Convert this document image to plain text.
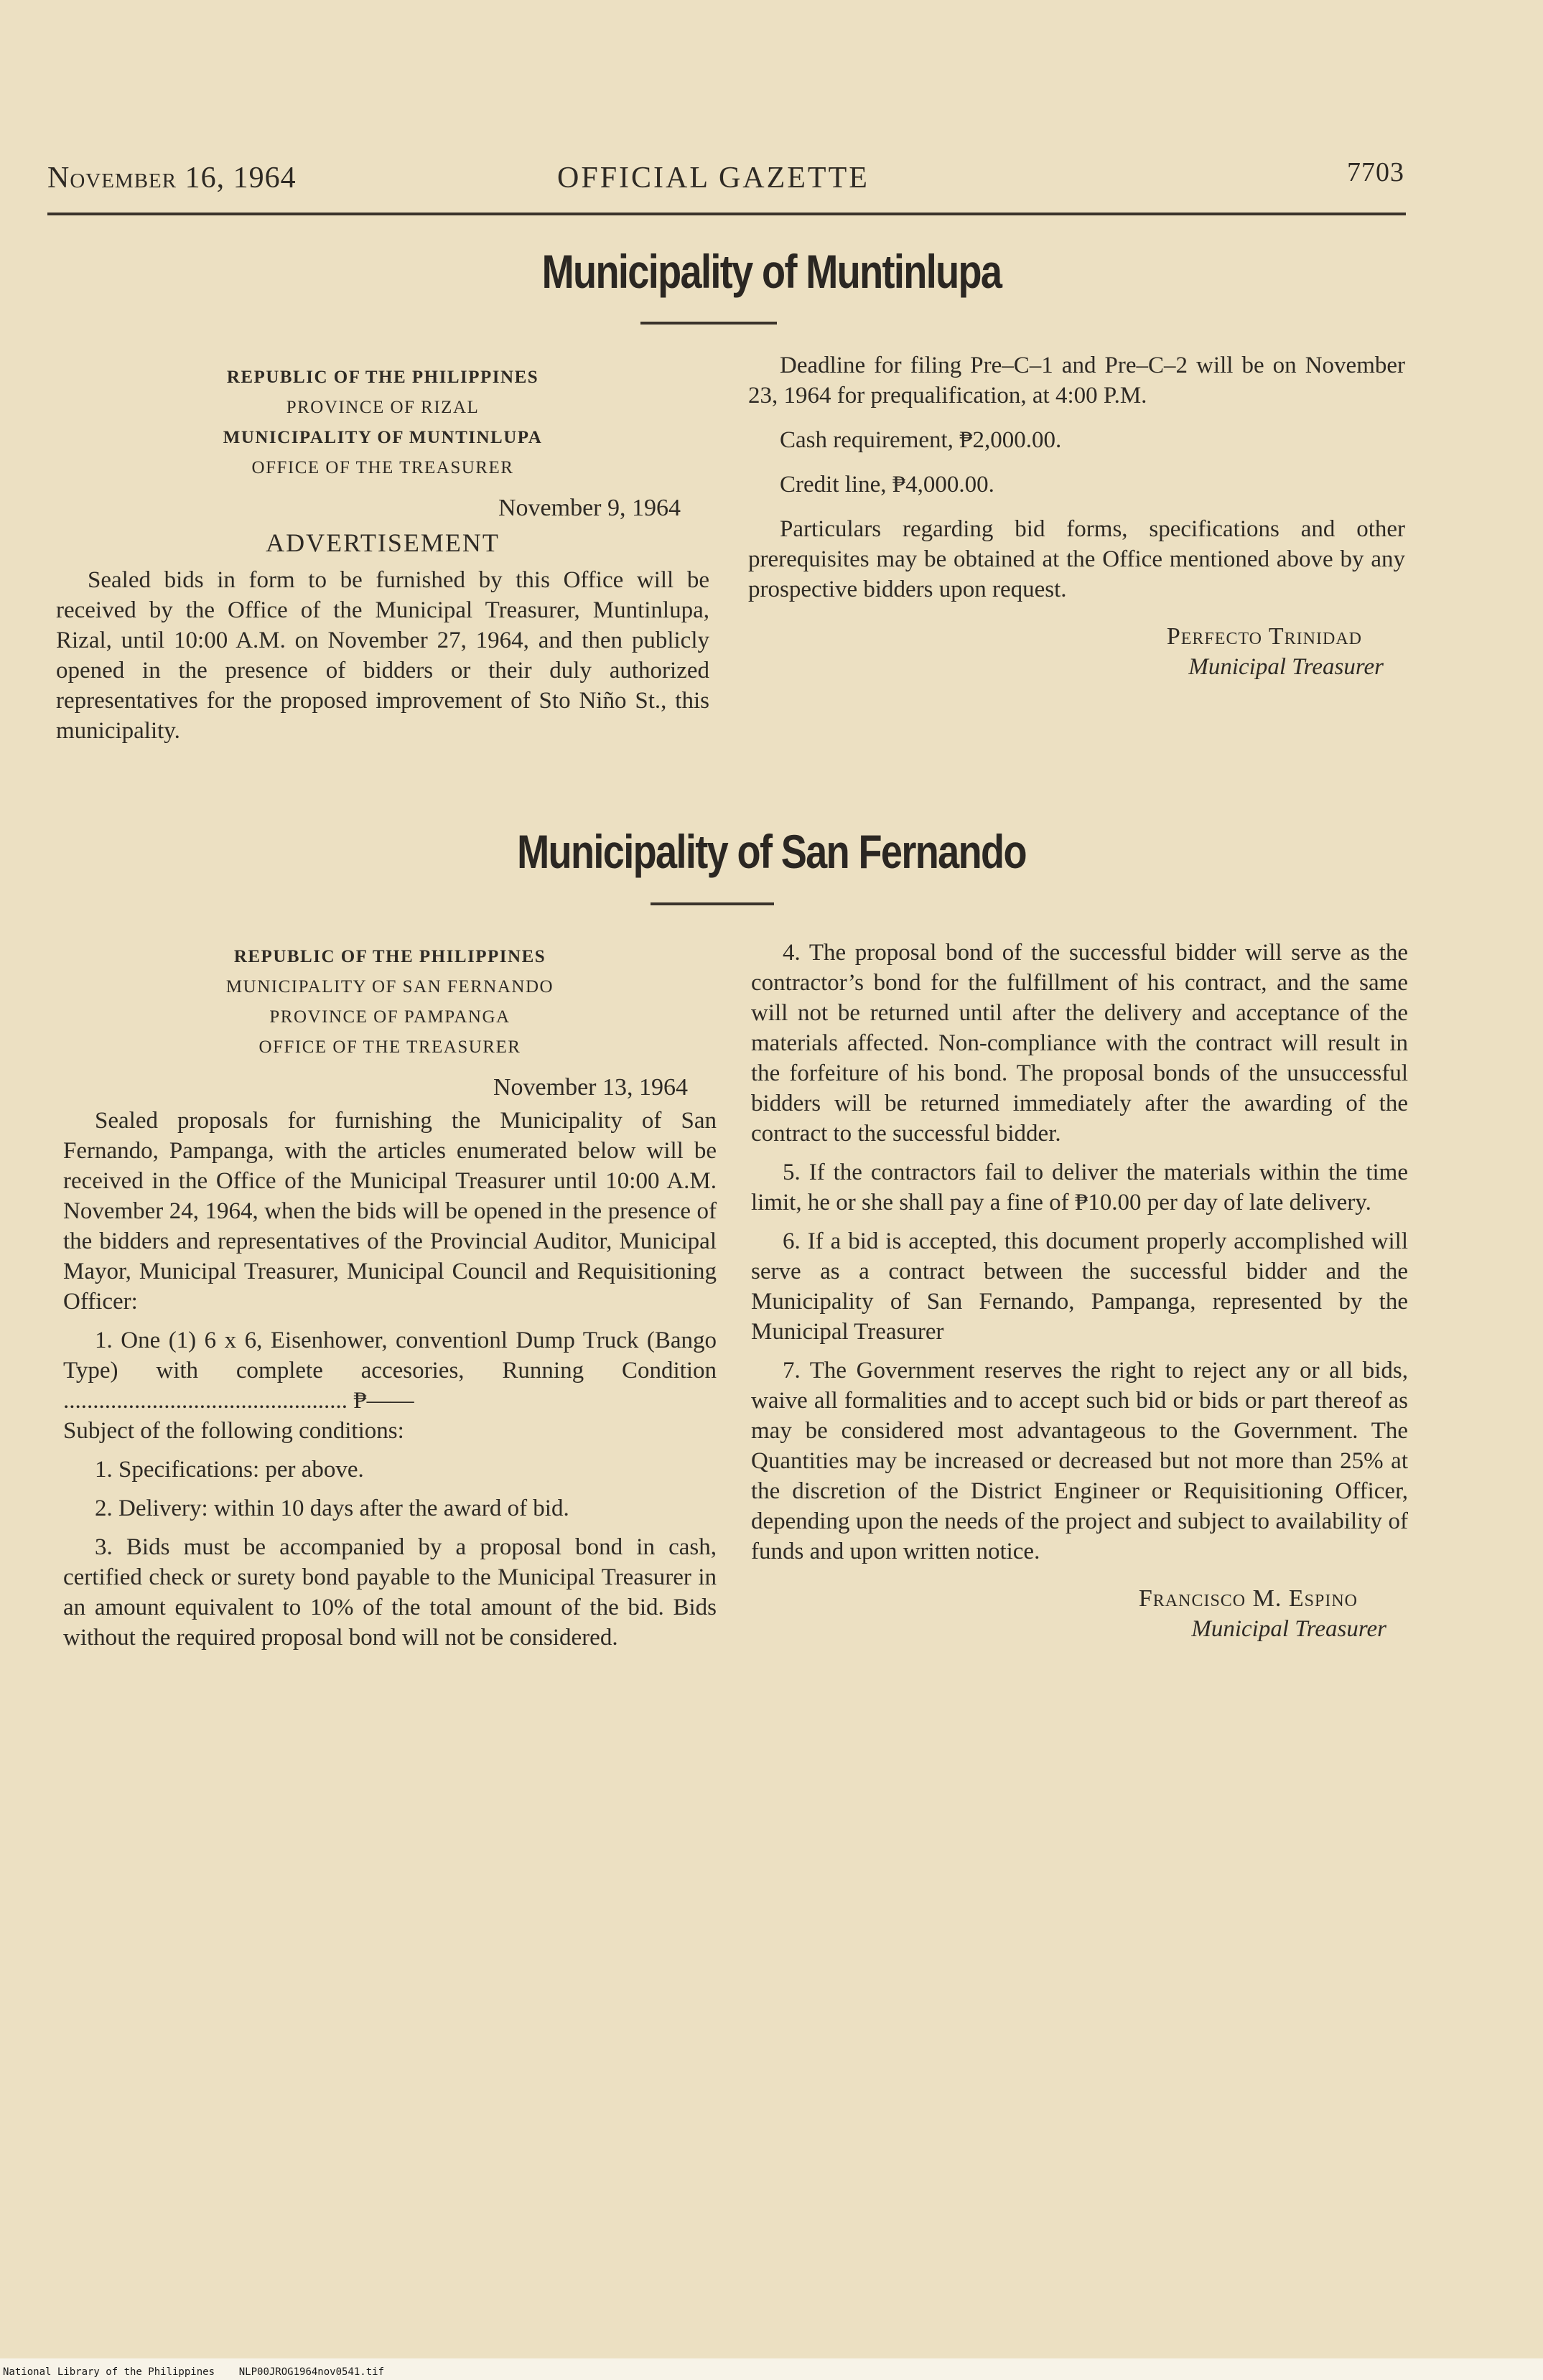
November 16, 1964	OFFICIAL GAZETTE	7703
Municipality of Muntinlupa
REPUBLIC OF THE PHILIPPINES
PROVINCE OF RIZAL
MUNICIPALITY OF MUNTINLUPA
OFFICE OF THE TREASURER
November 9, 1964
ADVERTISEMENT

Sealed bids in form to be furnished by this Office will be received by the Office of the Municipal Treasurer, Muntinlupa, Rizal, until 10:00 A.M. on November 27, 1964, and then publicly opened in the presence of bidders or their duly authorized representatives for the proposed improvement of Sto Niño St., this municipality.

Deadline for filing Pre–C–1 and Pre–C–2 will be on November 23, 1964 for prequalification, at 4:00 P.M.

Cash requirement, ₱2,000.00.

Credit line, ₱4,000.00.

Particulars regarding bid forms, specifications and other prerequisites may be obtained at the Office mentioned above by any prospective bidders upon request.

Perfecto Trinidad
Municipal Treasurer
Municipality of San Fernando
REPUBLIC OF THE PHILIPPINES
MUNICIPALITY OF SAN FERNANDO
PROVINCE OF PAMPANGA
OFFICE OF THE TREASURER
November 13, 1964

Sealed proposals for furnishing the Municipality of San Fernando, Pampanga, with the articles enumerated below will be received in the Office of the Municipal Treasurer until 10:00 A.M. November 24, 1964, when the bids will be opened in the presence of the bidders and representatives of the Provincial Auditor, Municipal Mayor, Municipal Treasurer, Municipal Council and Requisitioning Officer:

1. One (1) 6 x 6, Eisenhower, conventionl Dump Truck (Bango Type) with complete accesories, Running Condition ................................................ ₱——

Subject of the following conditions:

1. Specifications: per above.

2. Delivery: within 10 days after the award of bid.

3. Bids must be accompanied by a proposal bond in cash, certified check or surety bond payable to the Municipal Treasurer in an amount equivalent to 10% of the total amount of the bid. Bids without the required proposal bond will not be considered.

4. The proposal bond of the successful bidder will serve as the contractor’s bond for the fulfillment of his contract, and the same will not be returned until after the delivery and acceptance of the materials affected. Non-compliance with the contract will result in the forfeiture of his bond. The proposal bonds of the unsuccessful bidders will be returned immediately after the awarding of the contract to the successful bidder.

5. If the contractors fail to deliver the materials within the time limit, he or she shall pay a fine of ₱10.00 per day of late delivery.

6. If a bid is accepted, this document properly accomplished will serve as a contract between the successful bidder and the Municipality of San Fernando, Pampanga, represented by the Municipal Treasurer

7. The Government reserves the right to reject any or all bids, waive all formalities and to accept such bid or bids or part thereof as may be considered most advantageous to the Government. The Quantities may be increased or decreased but not more than 25% at the discretion of the District Engineer or Requisitioning Officer, depending upon the needs of the project and subject to availability of funds and upon written notice.

Francisco M. Espino
Municipal Treasurer
National Library of the Philippines NLP00JROG1964nov0541.tif
